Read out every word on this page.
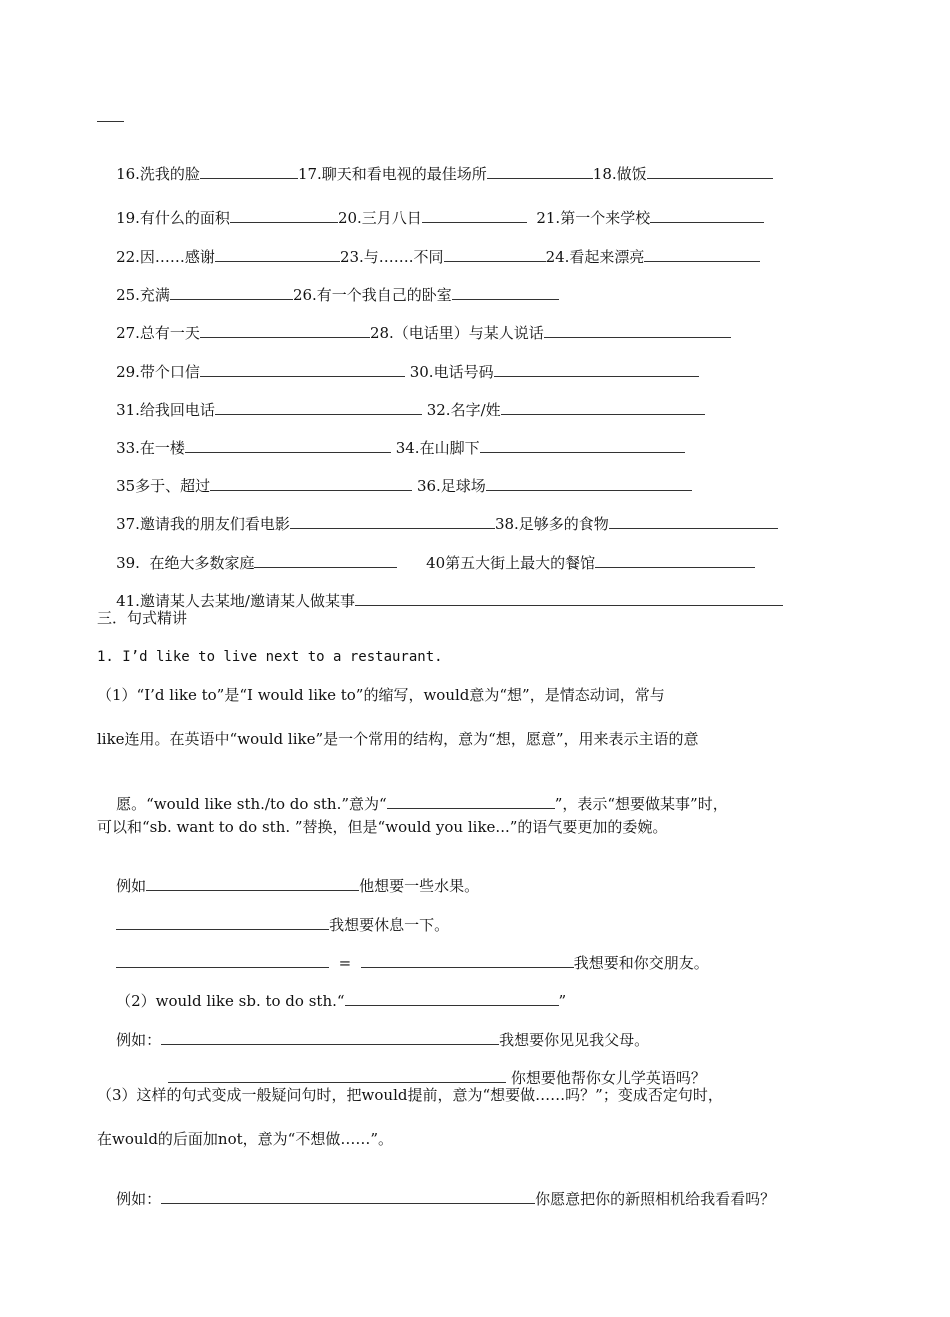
16.洗我的脸	17.聊天和看电视的最佳场所	18.做饭

19.有什么的面积	20.三月八日	21.第一个来学校

22.因……感谢	23.与…….不同	24.看起来漂亮

25.充满	26.有一个我自己的卧室

27.总有一天	28.（电话里）与某人说话

29.带个口信	30.电话号码

31.给我回电话	32.名字/姓

33.在一楼	34.在山脚下

35多于、超过	36.足球场

37.邀请我的朋友们看电影	38.足够多的食物

39.  在绝大多数家庭	40第五大街上最大的餐馆

41.邀请某人去某地/邀请某人做某事

三．句式精讲
1. I’d like to live next to a restaurant.
（1）“I’d like to”是“I would like to”的缩写，would意为“想”，是情态动词，常与
like连用。在英语中“would like”是一个常用的结构，意为“想，愿意”，用来表示主语的意

愿。“would like sth./to do sth.”意为“	”，表示“想要做某事”时，

可以和“sb. want to do sth. ”替换，但是“would you like...”的语气要更加的委婉。

例如	他想要一些水果。

我想要休息一下。

=	我想要和你交朋友。

（2）would like sb. to do sth.“	”

例如：	我想要你见见我父母。

你想要他帮你女儿学英语吗？

（3）这样的句式变成一般疑问句时，把would提前，意为“想要做……吗？”；变成否定句时，
在would的后面加not，意为“不想做……”。

例如：	你愿意把你的新照相机给我看看吗？
